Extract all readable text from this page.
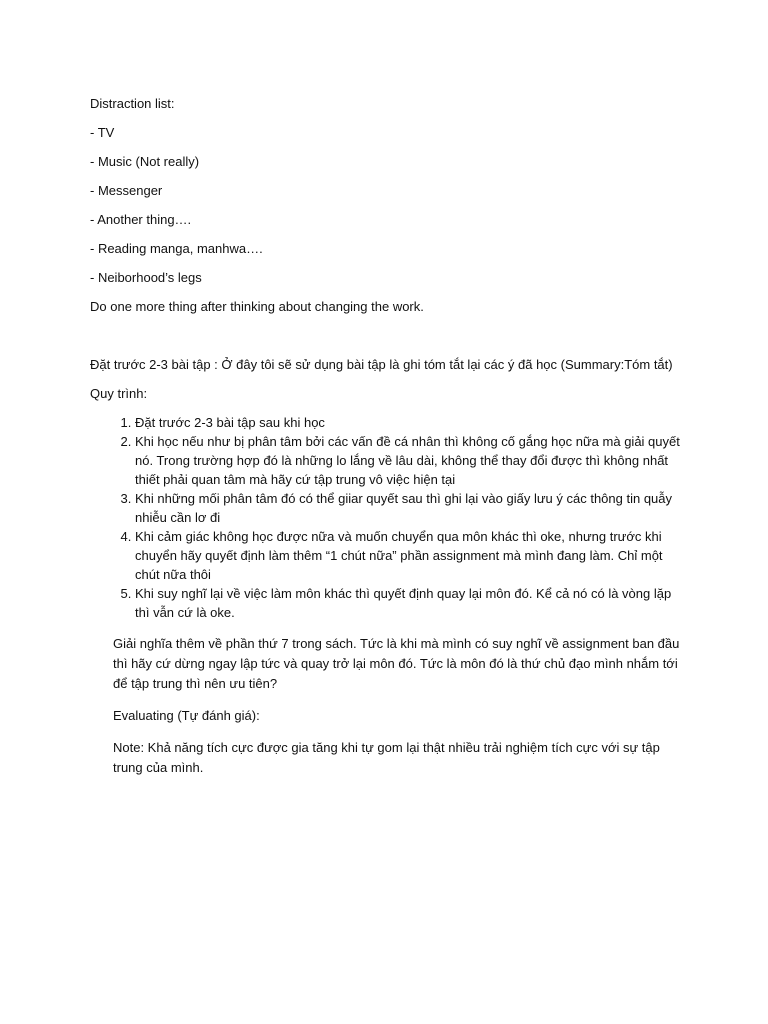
Distraction list:

- TV

- Music (Not really)

- Messenger

- Another thing….

- Reading manga, manhwa….

- Neiborhood’s legs

Do one more thing after thinking about changing the work.

Đặt trước 2-3 bài tập : Ở đây tôi sẽ sử dụng bài tập là ghi tóm tắt lại các ý đã học (Summary:Tóm tắt)

Quy trình:

1. Đặt trước 2-3 bài tập sau khi học
2. Khi học nếu như bị phân tâm bởi các vấn đề cá nhân thì không cố gắng học nữa mà giải quyết nó. Trong trường hợp đó là những lo lắng về lâu dài, không thể thay đổi được thì không nhất thiết phải quan tâm mà hãy cứ tập trung vô việc hiện tại
3. Khi những mối phân tâm đó có thể giiar quyết sau thì ghi lại vào giấy lưu ý các thông tin quẫy nhiễu cần lơ đi
4. Khi cảm giác không học được nữa và muốn chuyển qua môn khác thì oke, nhưng trước khi chuyển hãy quyết định làm thêm “1 chút nữa” phần assignment mà mình đang làm. Chỉ một chút nữa thôi
5. Khi suy nghĩ lại về việc làm môn khác thì quyết định quay lại môn đó. Kể cả nó có là vòng lặp thì vẫn cứ là oke.

Giải nghĩa thêm về phần thứ 7 trong sách. Tức là khi mà mình có suy nghĩ về assignment ban đầu thì hãy cứ dừng ngay lập tức và quay trở lại môn đó. Tức là môn đó là thứ chủ đạo mình nhắm tới để tập trung thì nên ưu tiên?

Evaluating (Tự đánh giá):

Note: Khả năng tích cực được gia tăng khi tự gom lại thật nhiều trải nghiệm tích cực với sự tập trung của mình.
